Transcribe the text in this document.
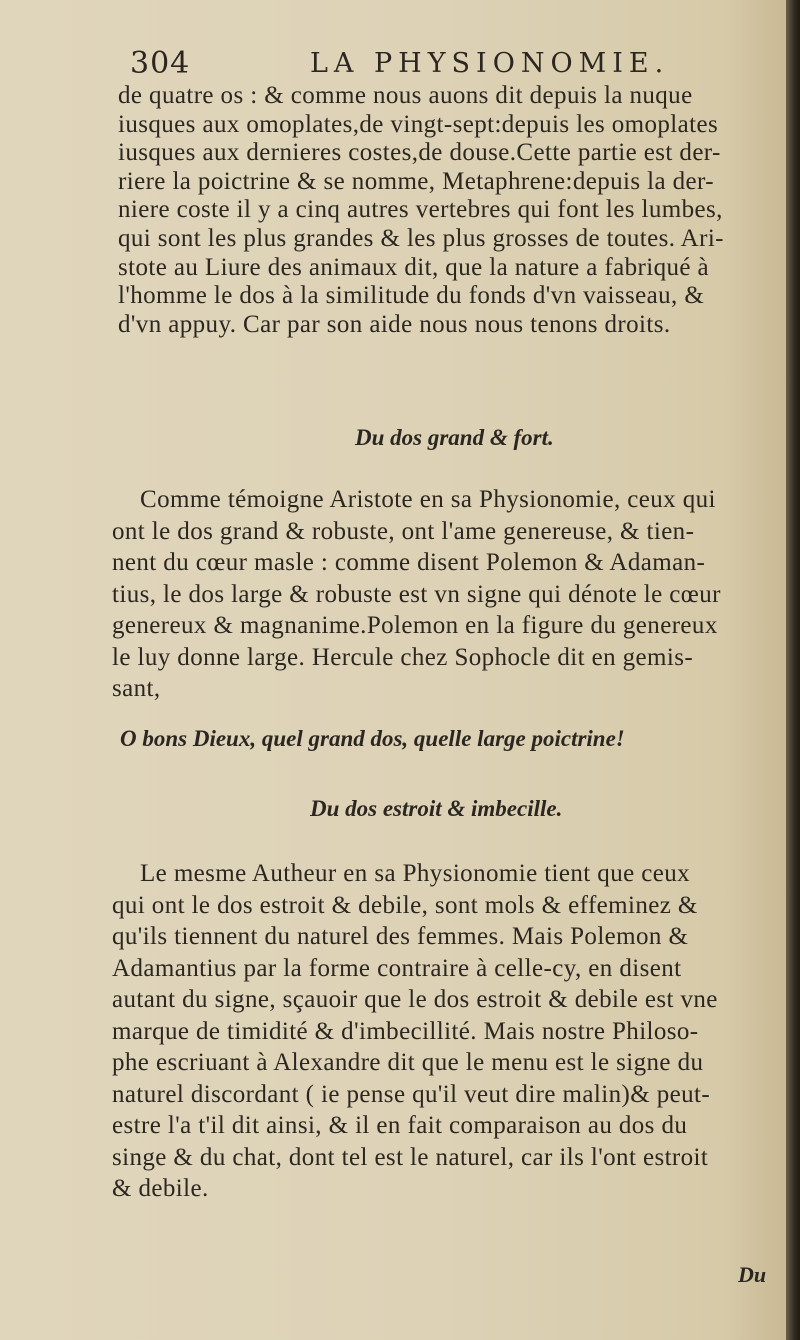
304	LA PHYSIONOMIE.
de quatre os : & comme nous auons dit depuis la nuque
iusques aux omoplates,de vingt-sept:depuis les omoplates
iusques aux dernieres costes,de douse.Cette partie est der-
riere la poictrine & se nomme, Metaphrene:depuis la der-
niere coste il y a cinq autres vertebres qui font les lumbes,
qui sont les plus grandes & les plus grosses de toutes. Ari-
stote au Liure des animaux dit, que la nature a fabriqué à
l'homme le dos à la similitude du fonds d'vn vaisseau, &
d'vn appuy. Car par son aide nous nous tenons droits.
Du dos grand & fort.
Comme témoigne Aristote en sa Physionomie, ceux qui
ont le dos grand & robuste, ont l'ame genereuse, & tien-
nent du cœur masle : comme disent Polemon & Adaman-
tius, le dos large & robuste est vn signe qui dénote le cœur
genereux & magnanime.Polemon en la figure du genereux
le luy donne large. Hercule chez Sophocle dit en gemis-
sant,
O bons Dieux, quel grand dos, quelle large poictrine!
Du dos estroit & imbecille.
Le mesme Autheur en sa Physionomie tient que ceux
qui ont le dos estroit & debile, sont mols & effeminez &
qu'ils tiennent du naturel des femmes. Mais Polemon &
Adamantius par la forme contraire à celle-cy, en disent
autant du signe, sçauoir que le dos estroit & debile est vne
marque de timidité & d'imbecillité. Mais nostre Philoso-
phe escriuant à Alexandre dit que le menu est le signe du
naturel discordant ( ie pense qu'il veut dire malin)& peut-
estre l'a t'il dit ainsi, & il en fait comparaison au dos du
singe & du chat, dont tel est le naturel, car ils l'ont estroit
& debile.
Du
